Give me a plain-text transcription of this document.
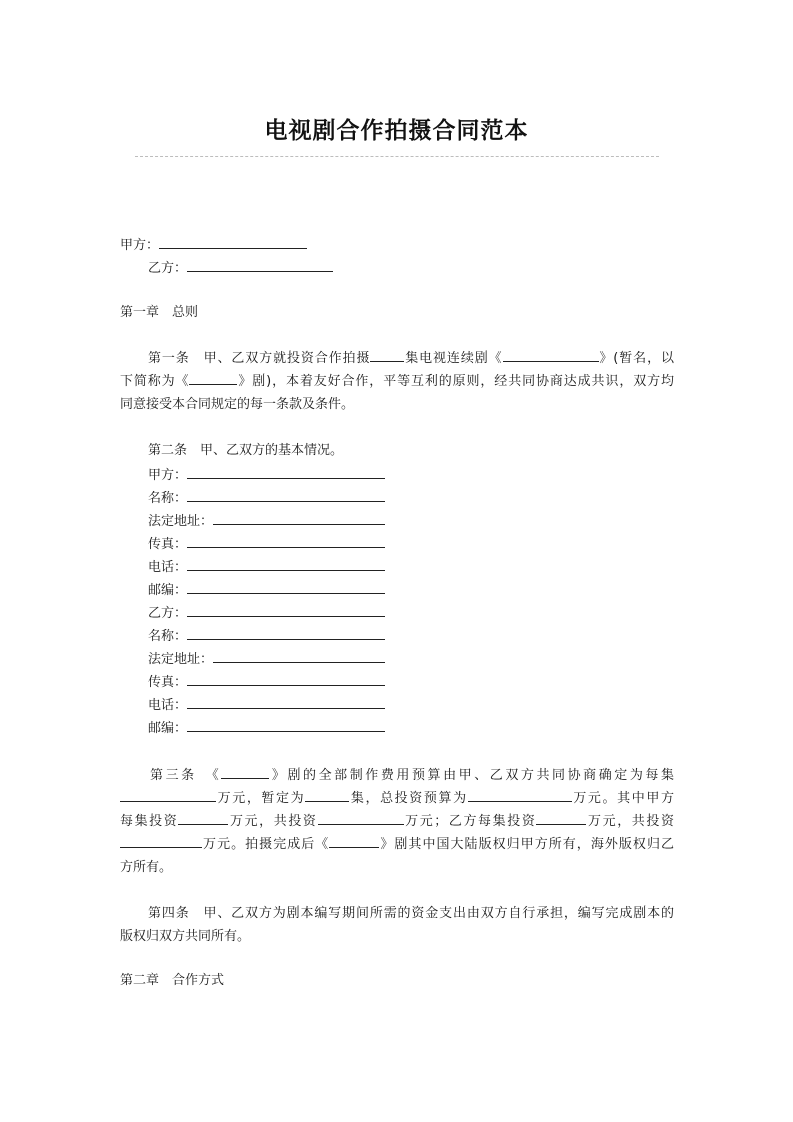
电视剧合作拍摄合同范本
甲方：
乙方：
第一章　总则
第一条　甲、乙双方就投资合作拍摄	集电视连续剧《	》(暂名，以
下简称为《	》剧)，本着友好合作，平等互利的原则，经共同协商达成共识，双方均
同意接受本合同规定的每一条款及条件。
第二条　甲、乙双方的基本情况。
甲方：
名称：
法定地址：
传真：
电话：
邮编：
乙方：
名称：
法定地址：
传真：
电话：
邮编：
第三条　《	》剧的全部制作费用预算由甲、乙双方共同协商确定为每集
万元，暂定为	集，总投资预算为	万元。其中甲方
每集投资	万元，共投资	万元；乙方每集投资	万元，共投资
万元。拍摄完成后《	》剧其中国大陆版权归甲方所有，海外版权归乙
方所有。
第四条　甲、乙双方为剧本编写期间所需的资金支出由双方自行承担，编写完成剧本的
版权归双方共同所有。
第二章　合作方式
